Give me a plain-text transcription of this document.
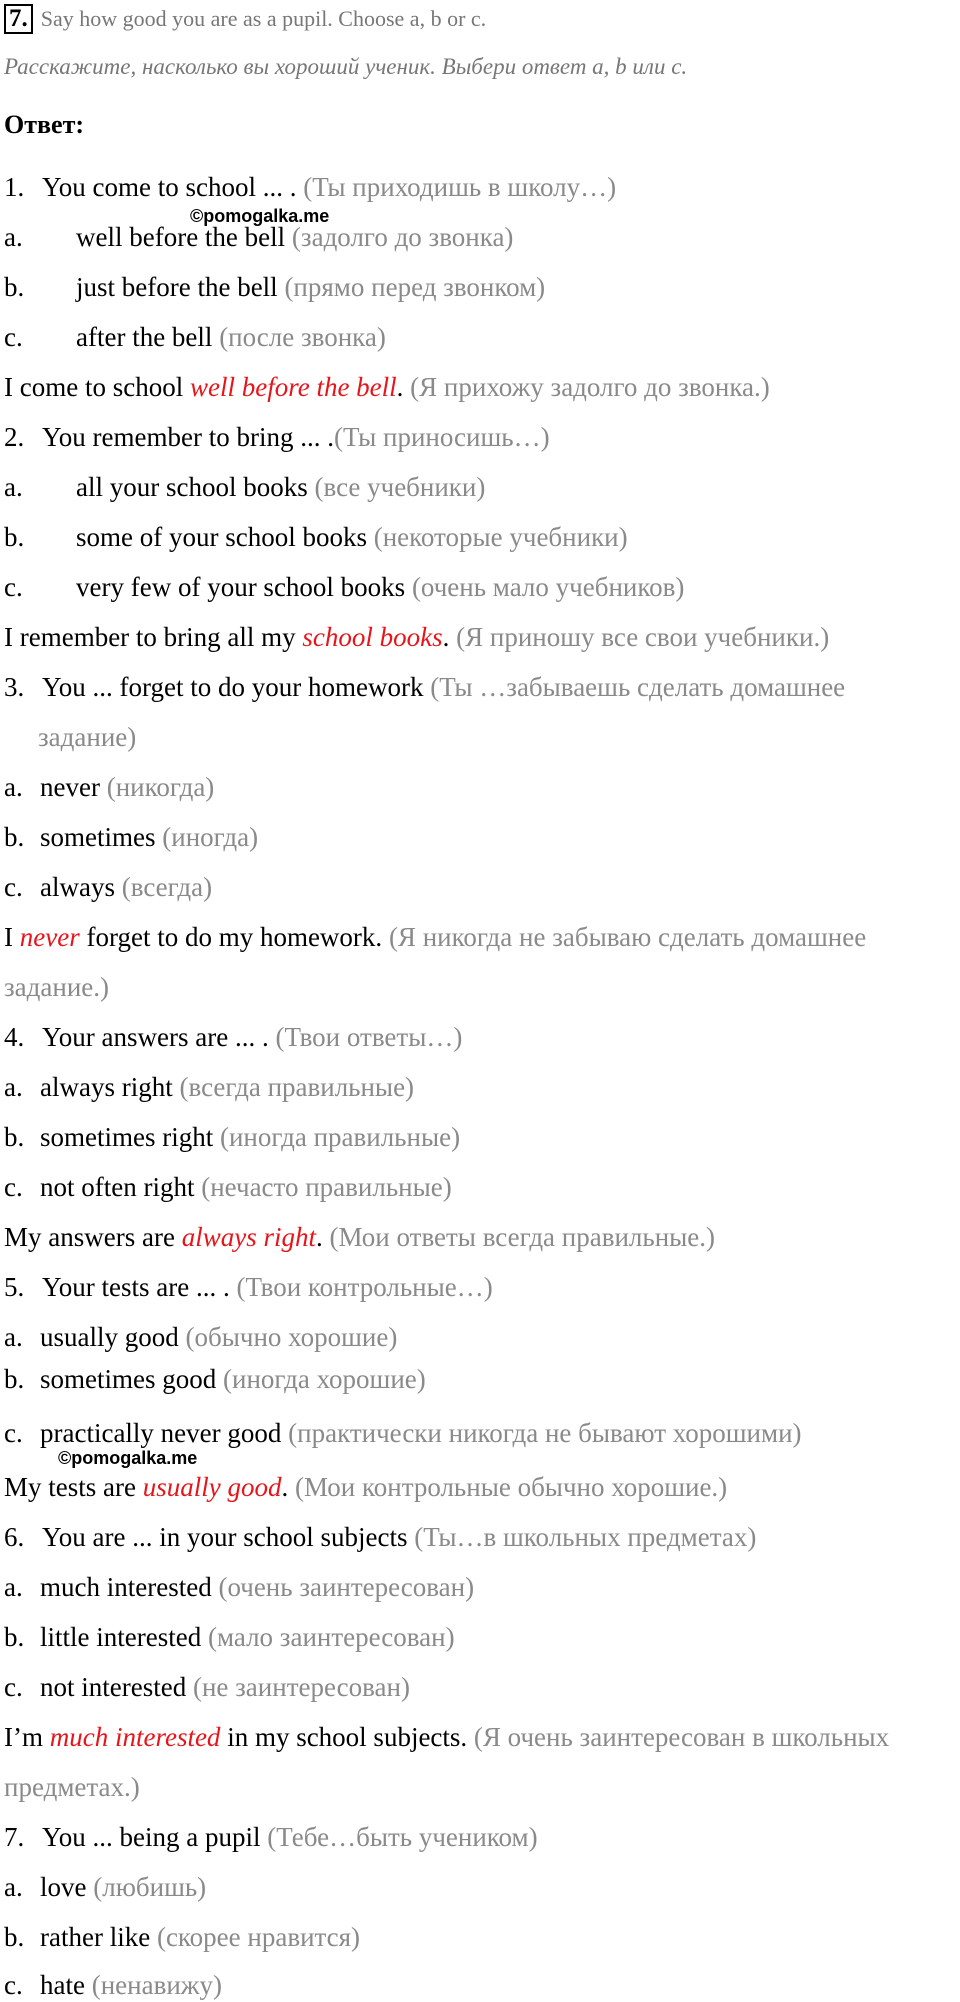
7. Say how good you are as a pupil. Choose a, b or c.
Расскажите, насколько вы хороший ученик. Выбери ответ a, b или c.
Ответ:
1. You come to school ... . (Ты приходишь в школу…)
a. well before the bell (задолго до звонка)
b. just before the bell (прямо перед звонком)
c. after the bell (после звонка)
I come to school well before the bell. (Я прихожу задолго до звонка.)
2. You remember to bring ... .(Ты приносишь…)
a. all your school books (все учебники)
b. some of your school books (некоторые учебники)
c. very few of your school books (очень мало учебников)
I remember to bring all my school books. (Я приношу все свои учебники.)
3. You ... forget to do your homework (Ты …забываешь сделать домашнее
задание)
a. never (никогда)
b. sometimes (иногда)
c. always (всегда)
I never forget to do my homework. (Я никогда не забываю сделать домашнее
задание.)
4. Your answers are ... . (Твои ответы…)
a. always right (всегда правильные)
b. sometimes right (иногда правильные)
c. not often right (нечасто правильные)
My answers are always right. (Мои ответы всегда правильные.)
5. Your tests are ... . (Твои контрольные…)
a. usually good (обычно хорошие)
b. sometimes good (иногда хорошие)
c. practically never good (практически никогда не бывают хорошими)
My tests are usually good. (Мои контрольные обычно хорошие.)
6. You are ... in your school subjects (Ты…в школьных предметах)
a. much interested (очень заинтересован)
b. little interested (мало заинтересован)
c. not interested (не заинтересован)
I’m much interested in my school subjects. (Я очень заинтересован в школьных
предметах.)
7. You ... being a pupil (Тебе…быть учеником)
a. love (любишь)
b. rather like (скорее нравится)
c. hate (ненавижу)
©pomogalka.me
©pomogalka.me
